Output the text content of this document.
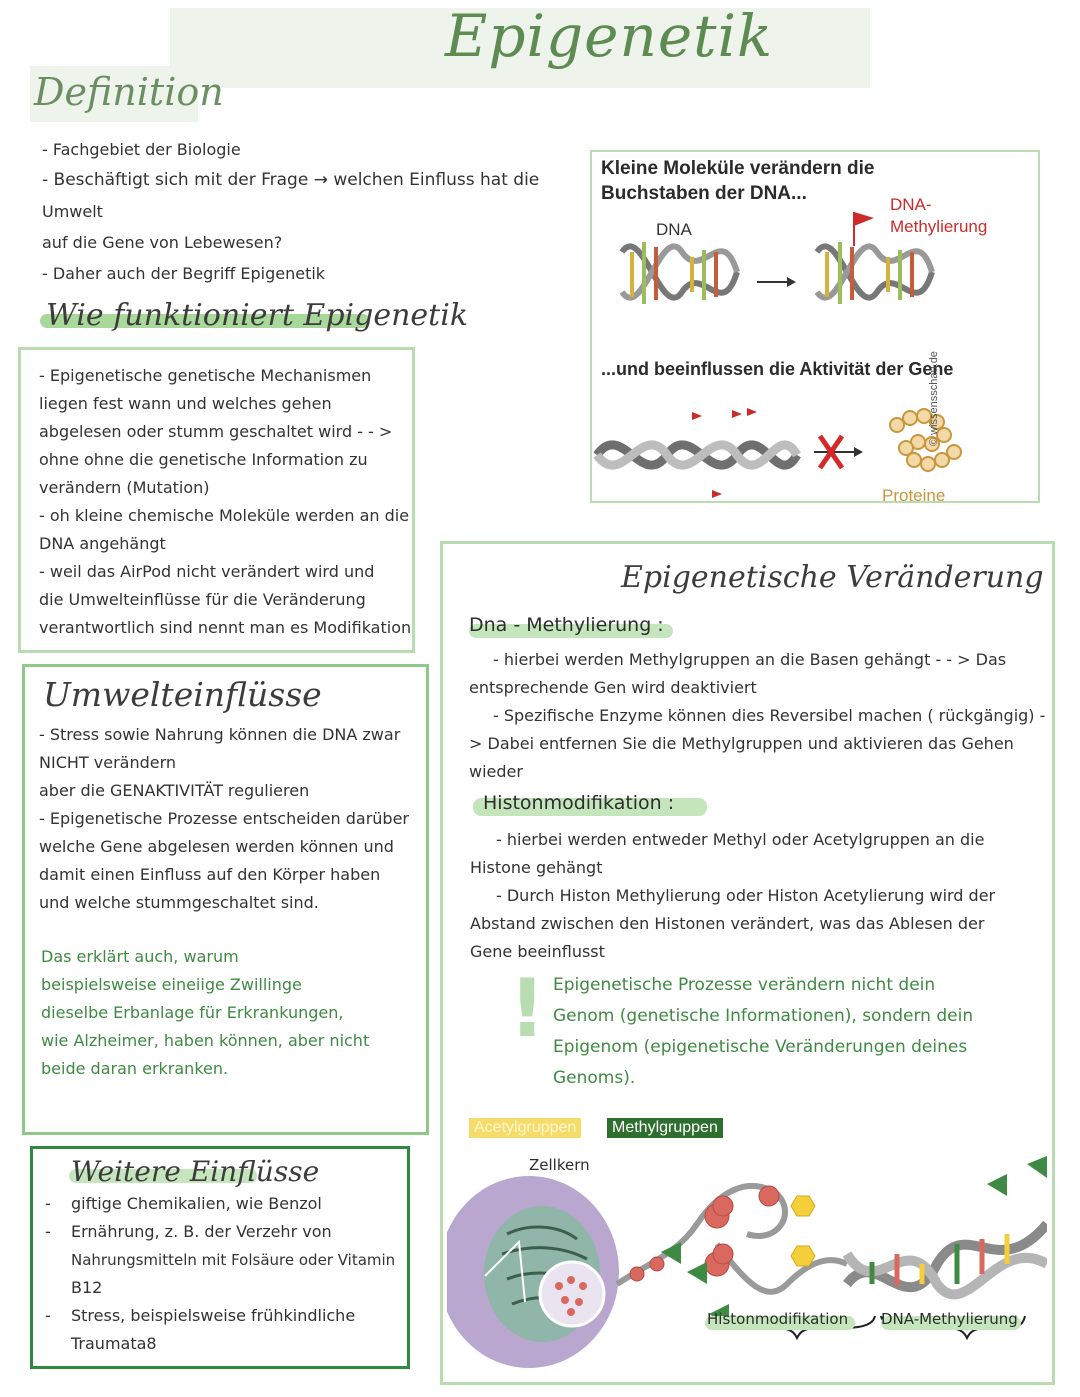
Epigenetik
Definition
- Fachgebiet der Biologie
- Beschäftigt sich mit der Frage → welchen Einfluss hat die
Umwelt
auf die Gene von Lebewesen?
- Daher auch der Begriff Epigenetik
Wie funktioniert Epigenetik
- Epigenetische genetische Mechanismen
liegen fest wann und welches gehen
abgelesen oder stumm geschaltet wird - - >
ohne ohne die genetische Information zu
verändern (Mutation)
- oh kleine chemische Moleküle werden an die
DNA angehängt
- weil das AirPod nicht verändert wird und
die Umwelteinflüsse für die Veränderung
verantwortlich sind nennt man es Modifikation
Umwelteinflüsse
- Stress sowie Nahrung können die DNA zwar
NICHT verändern
aber die GENAKTIVITÄT regulieren
- Epigenetische Prozesse entscheiden darüber
welche Gene abgelesen werden können und
damit einen Einfluss auf den Körper haben
und welche stummgeschaltet sind.
Das erklärt auch, warum
beispielsweise eineiige Zwillinge
dieselbe Erbanlage für Erkrankungen,
wie Alzheimer, haben können, aber nicht
beide daran erkranken.
Weitere Einflüsse
-	giftige Chemikalien, wie Benzol
-	Ernährung, z. B. der Verzehr von
Nahrungsmitteln mit Folsäure oder Vitamin
B12
-	Stress, beispielsweise frühkindliche
Traumata8
Kleine Moleküle verändern die
Buchstaben der DNA...
DNA
DNA-
Methylierung
...und beeinflussen die Aktivität der Gene
Proteine
© wissensschau.de
Epigenetische Veränderung
Dna - Methylierung :
- hierbei werden Methylgruppen an die Basen gehängt - - > Das
entsprechende Gen wird deaktiviert
- Spezifische Enzyme können dies Reversibel machen ( rückgängig) -
> Dabei entfernen Sie die Methylgruppen und aktivieren das Gehen
wieder
Histonmodifikation :
- hierbei werden entweder Methyl oder Acetylgruppen an die
Histone gehängt
- Durch Histon Methylierung oder Histon Acetylierung wird der
Abstand zwischen den Histonen verändert, was das Ablesen der
Gene beeinflusst
! Epigenetische Prozesse verändern nicht dein
Genom (genetische Informationen), sondern dein
Epigenom (epigenetische Veränderungen deines
Genoms).
Acetylgruppen	Methylgruppen
Zellkern
Histonmodifikation DNA-Methylierung
